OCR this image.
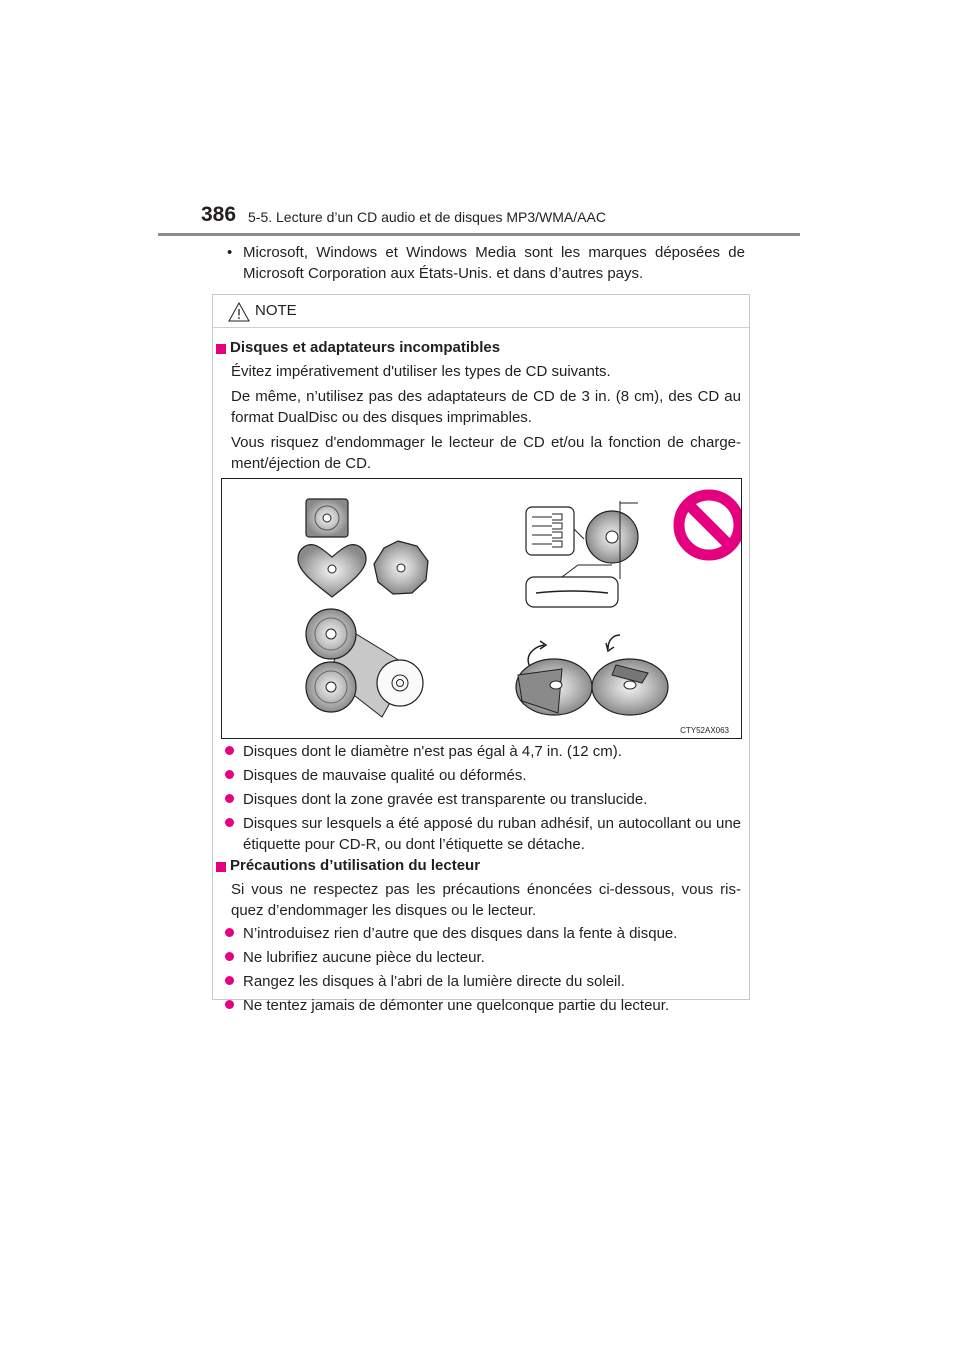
386 5-5. Lecture d’un CD audio et de disques MP3/WMA/AAC
• Microsoft, Windows et Windows Media sont les marques déposées de Microsoft Corporation aux États-Unis. et dans d’autres pays.

NOTE
Disques et adaptateurs incompatibles

Évitez impérativement d'utiliser les types de CD suivants.

De même, n’utilisez pas des adaptateurs de CD de 3 in. (8 cm), des CD au format DualDisc ou des disques imprimables.

Vous risquez d'endommager le lecteur de CD et/ou la fonction de charge-ment/éjection de CD.

Disques dont le diamètre n'est pas égal à 4,7 in. (12 cm).

Disques de mauvaise qualité ou déformés.

Disques dont la zone gravée est transparente ou translucide.

Disques sur lesquels a été apposé du ruban adhésif, un autocollant ou une étiquette pour CD-R, ou dont l’étiquette se détache.

Précautions d’utilisation du lecteur

Si vous ne respectez pas les précautions énoncées ci-dessous, vous ris-quez d’endommager les disques ou le lecteur.

N’introduisez rien d’autre que des disques dans la fente à disque.

Ne lubrifiez aucune pièce du lecteur.

Rangez les disques à l’abri de la lumière directe du soleil.

Ne tentez jamais de démonter une quelconque partie du lecteur.

CTY52AX063
